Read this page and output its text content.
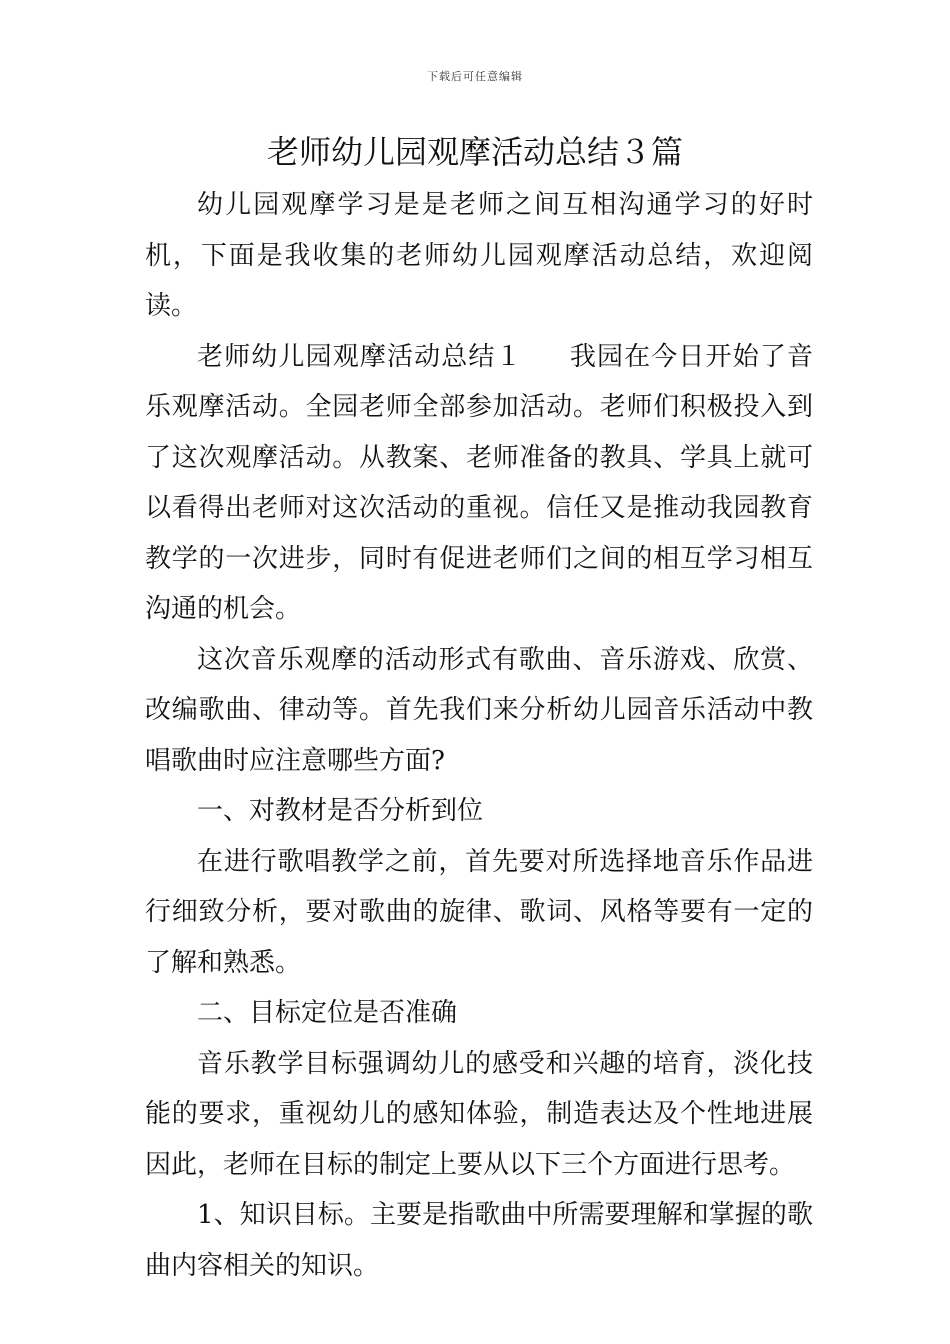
下载后可任意编辑
老师幼儿园观摩活动总结３篇

幼儿园观摩学习是是老师之间互相沟通学习的好时机，下面是我收集的老师幼儿园观摩活动总结，欢迎阅读。

老师幼儿园观摩活动总结１ 我园在今日开始了音乐观摩活动。全园老师全部参加活动。老师们积极投入到了这次观摩活动。从教案、老师准备的教具、学具上就可以看得出老师对这次活动的重视。信任又是推动我园教育教学的一次进步，同时有促进老师们之间的相互学习相互沟通的机会。

这次音乐观摩的活动形式有歌曲、音乐游戏、欣赏、改编歌曲、律动等。首先我们来分析幼儿园音乐活动中教唱歌曲时应注意哪些方面?

一、对教材是否分析到位

在进行歌唱教学之前，首先要对所选择地音乐作品进行细致分析，要对歌曲的旋律、歌词、风格等要有一定的了解和熟悉。

二、目标定位是否准确

音乐教学目标强调幼儿的感受和兴趣的培育，淡化技能的要求，重视幼儿的感知体验，制造表达及个性地进展因此，老师在目标的制定上要从以下三个方面进行思考。

1、知识目标。主要是指歌曲中所需要理解和掌握的歌曲内容相关的知识。
